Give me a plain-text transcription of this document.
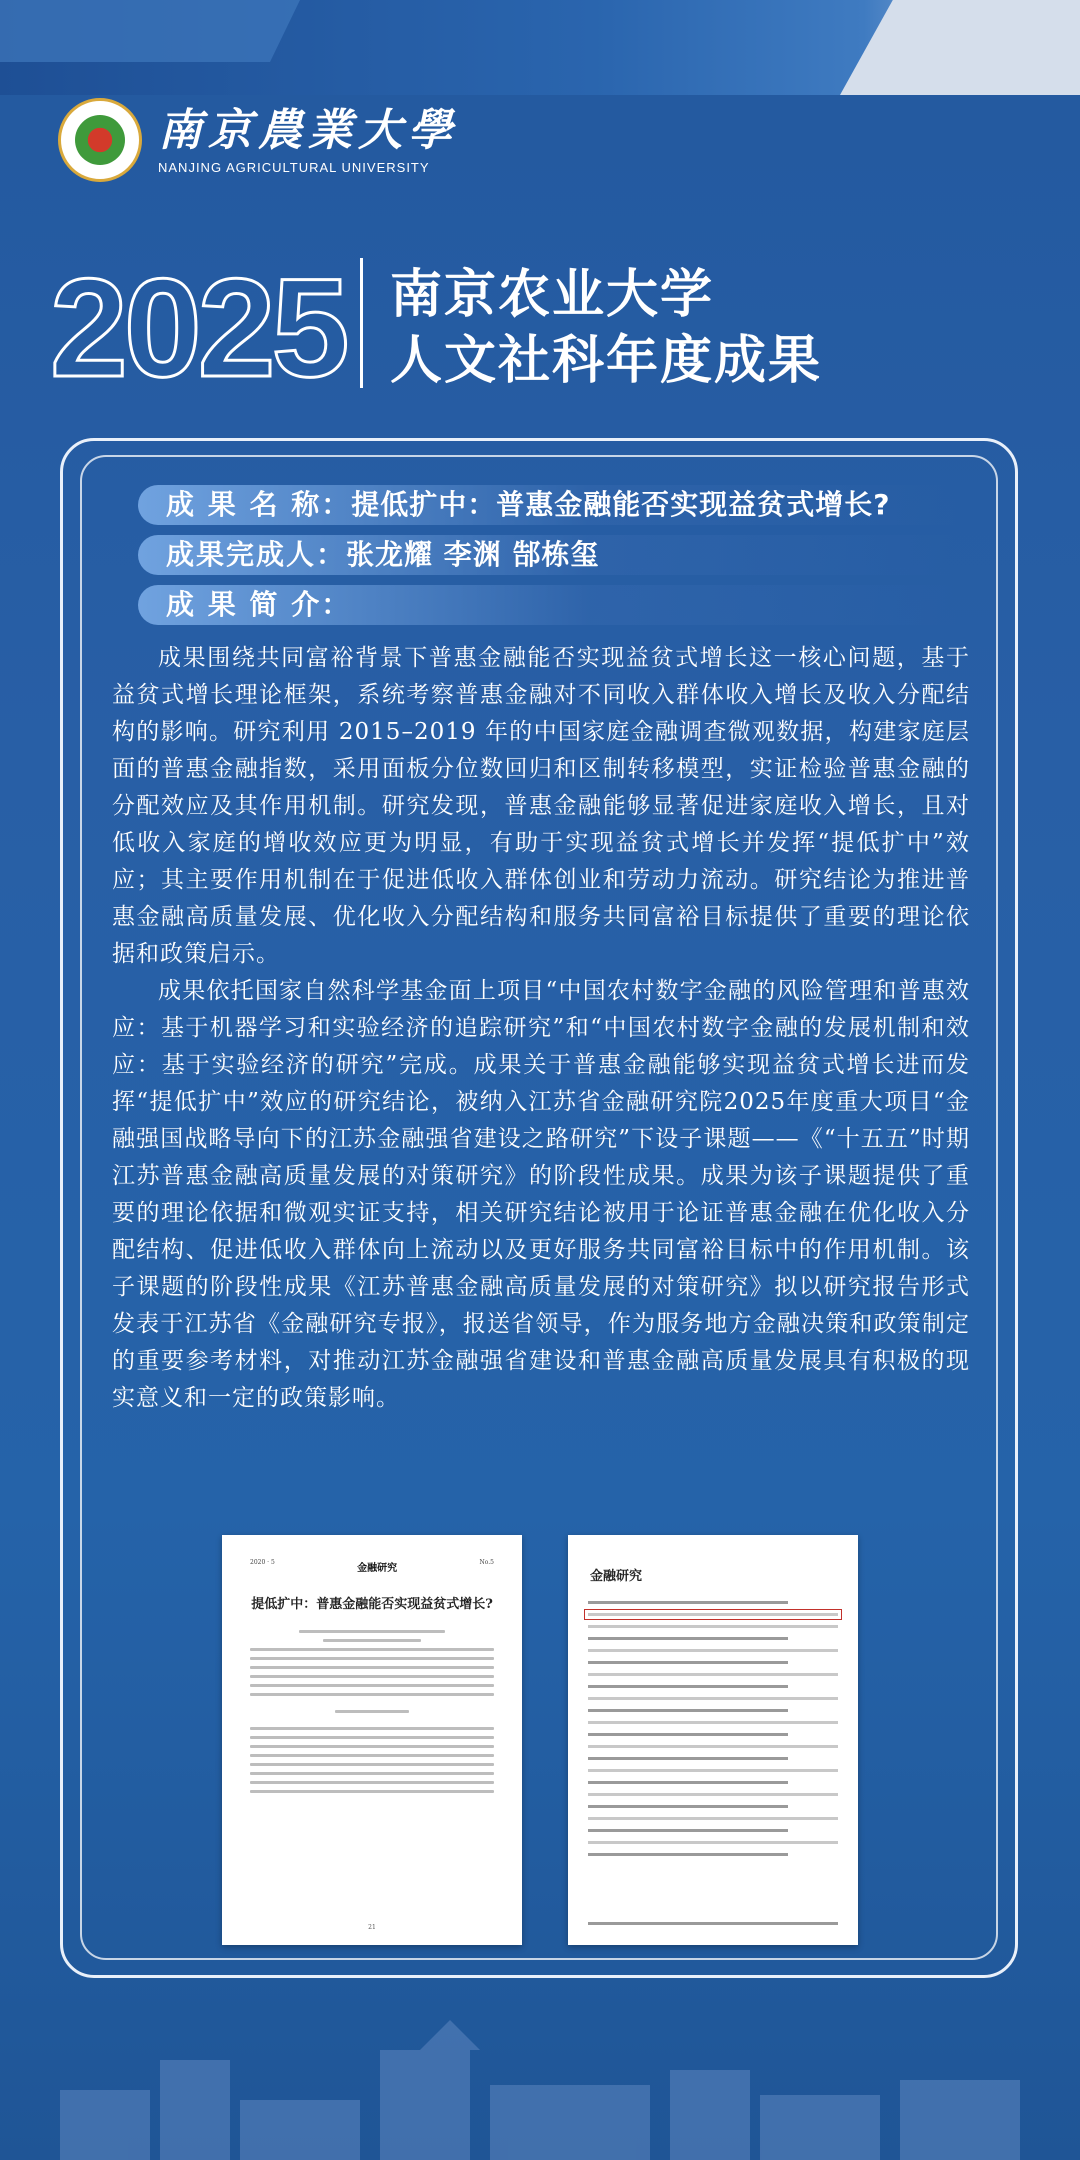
南京農業大學
NANJING AGRICULTURAL UNIVERSITY
2025 南京农业大学
人文社科年度成果
成 果 名 称：提低扩中：普惠金融能否实现益贫式增长?
成果完成人：张龙耀 李渊 郜栋玺
成 果 简 介：

成果围绕共同富裕背景下普惠金融能否实现益贫式增长这一核心问题，基于益贫式增长理论框架，系统考察普惠金融对不同收入群体收入增长及收入分配结构的影响。研究利用 2015–2019 年的中国家庭金融调查微观数据，构建家庭层面的普惠金融指数，采用面板分位数回归和区制转移模型，实证检验普惠金融的分配效应及其作用机制。研究发现，普惠金融能够显著促进家庭收入增长，且对低收入家庭的增收效应更为明显，有助于实现益贫式增长并发挥“提低扩中”效应；其主要作用机制在于促进低收入群体创业和劳动力流动。研究结论为推进普惠金融高质量发展、优化收入分配结构和服务共同富裕目标提供了重要的理论依据和政策启示。

成果依托国家自然科学基金面上项目“中国农村数字金融的风险管理和普惠效应：基于机器学习和实验经济的追踪研究”和“中国农村数字金融的发展机制和效应：基于实验经济的研究”完成。成果关于普惠金融能够实现益贫式增长进而发挥“提低扩中”效应的研究结论，被纳入江苏省金融研究院2025年度重大项目“金融强国战略导向下的江苏金融强省建设之路研究”下设子课题——《“十五五”时期江苏普惠金融高质量发展的对策研究》的阶段性成果。成果为该子课题提供了重要的理论依据和微观实证支持，相关研究结论被用于论证普惠金融在优化收入分配结构、促进低收入群体向上流动以及更好服务共同富裕目标中的作用机制。该子课题的阶段性成果《江苏普惠金融高质量发展的对策研究》拟以研究报告形式发表于江苏省《金融研究专报》，报送省领导，作为服务地方金融决策和政策制定的重要参考材料，对推动江苏金融强省建设和普惠金融高质量发展具有积极的现实意义和一定的政策影响。

2020 · 5
金融研究
No.5
提低扩中：普惠金融能否实现益贫式增长?
21
金融研究
